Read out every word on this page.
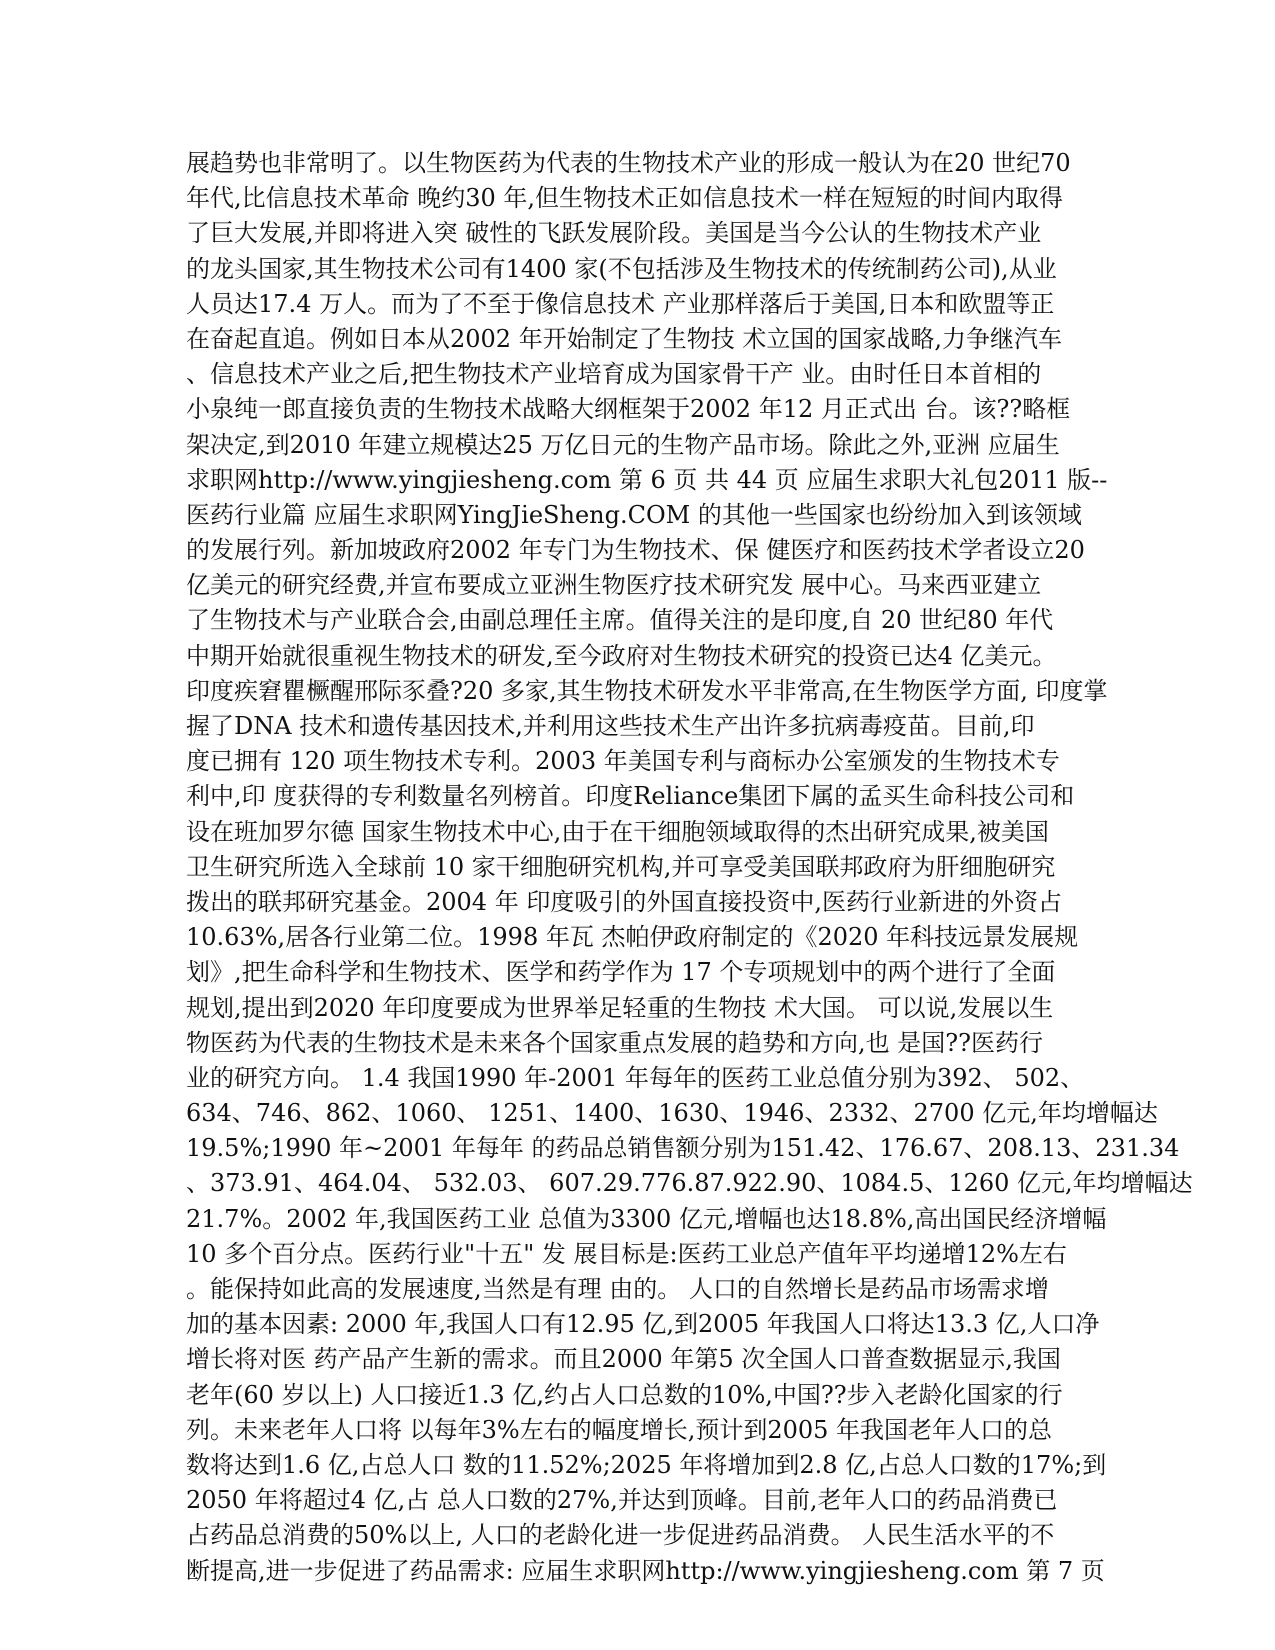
展趋势也非常明了。以生物医药为代表的生物技术产业的形成一般认为在20 世纪70
年代,比信息技术革命 晚约30 年,但生物技术正如信息技术一样在短短的时间内取得
了巨大发展,并即将进入突 破性的飞跃发展阶段。美国是当今公认的生物技术产业
的龙头国家,其生物技术公司有1400 家(不包括涉及生物技术的传统制药公司),从业
人员达17.4 万人。而为了不至于像信息技术 产业那样落后于美国,日本和欧盟等正
在奋起直追。例如日本从2002 年开始制定了生物技 术立国的国家战略,力争继汽车
、信息技术产业之后,把生物技术产业培育成为国家骨干产 业。由时任日本首相的
小泉纯一郎直接负责的生物技术战略大纲框架于2002 年12 月正式出 台。该??略框
架决定,到2010 年建立规模达25 万亿日元的生物产品市场。除此之外,亚洲 应届生
求职网http://www.yingjiesheng.com 第 6 页 共 44 页 应届生求职大礼包2011 版--
医药行业篇 应届生求职网YingJieSheng.COM 的其他一些国家也纷纷加入到该领域
的发展行列。新加坡政府2002 年专门为生物技术、保 健医疗和医药技术学者设立20
亿美元的研究经费,并宣布要成立亚洲生物医疗技术研究发 展中心。马来西亚建立
了生物技术与产业联合会,由副总理任主席。值得关注的是印度,自 20 世纪80 年代
中期开始就很重视生物技术的研发,至今政府对生物技术研究的投资已达4 亿美元。
印度疾窘瞿橛醒邢际豕叠?20 多家,其生物技术研发水平非常高,在生物医学方面, 印度掌
握了DNA 技术和遗传基因技术,并利用这些技术生产出许多抗病毒疫苗。目前,印
度已拥有 120 项生物技术专利。2003 年美国专利与商标办公室颁发的生物技术专
利中,印 度获得的专利数量名列榜首。印度Reliance集团下属的孟买生命科技公司和
设在班加罗尔德 国家生物技术中心,由于在干细胞领域取得的杰出研究成果,被美国
卫生研究所选入全球前 10 家干细胞研究机构,并可享受美国联邦政府为肝细胞研究
拨出的联邦研究基金。2004 年 印度吸引的外国直接投资中,医药行业新进的外资占
10.63%,居各行业第二位。1998 年瓦 杰帕伊政府制定的《2020 年科技远景发展规
划》,把生命科学和生物技术、医学和药学作为 17 个专项规划中的两个进行了全面
规划,提出到2020 年印度要成为世界举足轻重的生物技 术大国。 可以说,发展以生
物医药为代表的生物技术是未来各个国家重点发展的趋势和方向,也 是国??医药行
业的研究方向。 1.4 我国1990 年-2001 年每年的医药工业总值分别为392、 502、
634、746、862、1060、 1251、1400、1630、1946、2332、2700 亿元,年均增幅达
19.5%;1990 年~2001 年每年 的药品总销售额分别为151.42、176.67、208.13、231.34
、373.91、464.04、 532.03、 607.29.776.87.922.90、1084.5、1260 亿元,年均增幅达
21.7%。2002 年,我国医药工业 总值为3300 亿元,增幅也达18.8%,高出国民经济增幅
10 多个百分点。医药行业"十五" 发 展目标是:医药工业总产值年平均递增12%左右
。能保持如此高的发展速度,当然是有理 由的。 人口的自然增长是药品市场需求增
加的基本因素: 2000 年,我国人口有12.95 亿,到2005 年我国人口将达13.3 亿,人口净
增长将对医 药产品产生新的需求。而且2000 年第5 次全国人口普查数据显示,我国
老年(60 岁以上) 人口接近1.3 亿,约占人口总数的10%,中国??步入老龄化国家的行
列。未来老年人口将 以每年3%左右的幅度增长,预计到2005 年我国老年人口的总
数将达到1.6 亿,占总人口 数的11.52%;2025 年将增加到2.8 亿,占总人口数的17%;到
2050 年将超过4 亿,占 总人口数的27%,并达到顶峰。目前,老年人口的药品消费已
占药品总消费的50%以上, 人口的老龄化进一步促进药品消费。 人民生活水平的不
断提高,进一步促进了药品需求: 应届生求职网http://www.yingjiesheng.com 第 7 页
